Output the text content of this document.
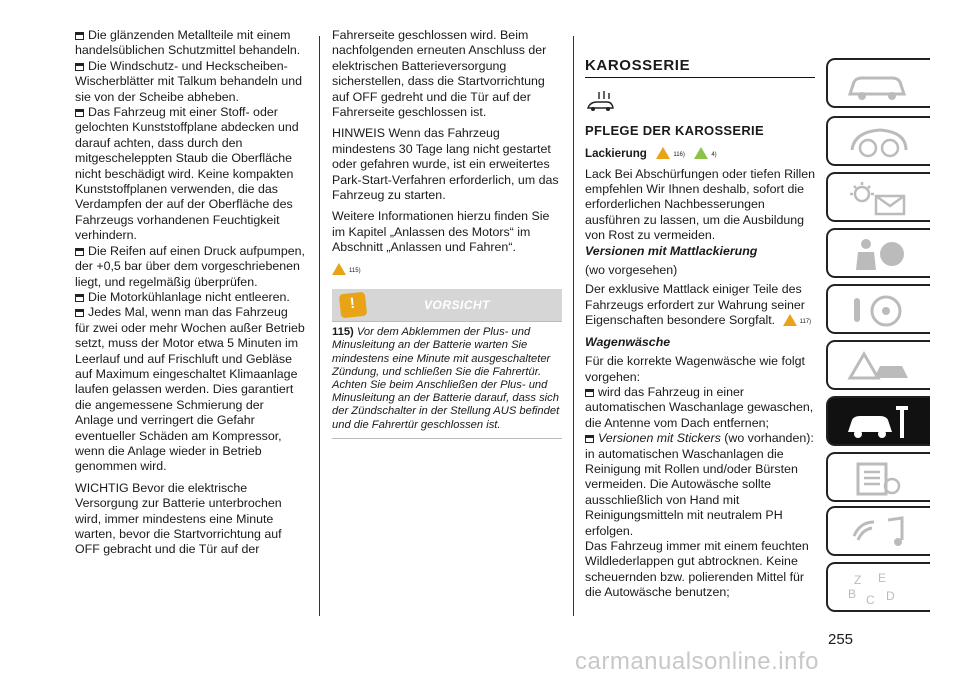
Die glänzenden Metallteile mit einem handelsüblichen Schutzmittel behandeln.
Die Windschutz- und Heckscheiben-Wischerblätter mit Talkum behandeln und sie von der Scheibe abheben.
Das Fahrzeug mit einer Stoff- oder gelochten Kunststoffplane abdecken und darauf achten, dass durch den mitgescheleppten Staub die Oberfläche nicht beschädigt wird. Keine kompakten Kunststoffplanen verwenden, die das Verdampfen der auf der Oberfläche des Fahrzeugs vorhandenen Feuchtigkeit verhindern.
Die Reifen auf einen Druck aufpumpen, der +0,5 bar über dem vorgeschriebenen liegt, und regelmäßig überprüfen.
Die Motorkühlanlage nicht entleeren.
Jedes Mal, wenn man das Fahrzeug für zwei oder mehr Wochen außer Betrieb setzt, muss der Motor etwa 5 Minuten im Leerlauf und auf Frischluft und Gebläse auf Maximum eingeschaltet Klimaanlage laufen gelassen werden. Dies garantiert die angemessene Schmierung der Anlage und verringert die Gefahr eventueller Schäden am Kompressor, wenn die Anlage wieder in Betrieb genommen wird.
WICHTIG Bevor die elektrische Versorgung zur Batterie unterbrochen wird, immer mindestens eine Minute warten, bevor die Startvorrichtung auf OFF gebracht und die Tür auf der
Fahrerseite geschlossen wird. Beim nachfolgenden erneuten Anschluss der elektrischen Batterieversorgung sicherstellen, dass die Startvorrichtung auf OFF gedreht und die Tür auf der Fahrerseite geschlossen ist.
HINWEIS Wenn das Fahrzeug mindestens 30 Tage lang nicht gestartet oder gefahren wurde, ist ein erweitertes Park-Start-Verfahren erforderlich, um das Fahrzeug zu starten.
Weitere Informationen hierzu finden Sie im Kapitel „Anlassen des Motors“ im Abschnitt „Anlassen und Fahren“.
115)
!	VORSICHT
115) Vor dem Abklemmen der Plus- und Minusleitung an der Batterie warten Sie mindestens eine Minute mit ausgeschalteter Zündung, und schließen Sie die Fahrertür. Achten Sie beim Anschließen der Plus- und Minusleitung an der Batterie darauf, dass sich der Zündschalter in der Stellung AUS befindet und die Fahrertür geschlossen ist.
KAROSSERIE
PFLEGE DER KAROSSERIE
Lackierung	116)	4)
Lack Bei Abschürfungen oder tiefen Rillen empfehlen Wir Ihnen deshalb, sofort die erforderlichen Nachbesserungen ausführen zu lassen, um die Ausbildung von Rost zu vermeiden.
Versionen mit Mattlackierung
(wo vorgesehen)
Der exklusive Mattlack einiger Teile des Fahrzeugs erfordert zur Wahrung seiner Eigenschaften besondere Sorgfalt.	117)
Wagenwäsche
Für die korrekte Wagenwäsche wie folgt vorgehen:
wird das Fahrzeug in einer automatischen Waschanlage gewaschen, die Antenne vom Dach entfernen;
Versionen mit Stickers (wo vorhanden): in automatischen Waschanlagen die Reinigung mit Rollen und/oder Bürsten vermeiden. Die Autowäsche sollte ausschließlich von Hand mit Reinigungsmitteln mit neutralem PH erfolgen.
Das Fahrzeug immer mit einem feuchten Wildlederlappen gut abtrocknen. Keine scheuernden bzw. polierenden Mittel für die Autowäsche benutzen;
Z E
B C D
255
carmanualsonline.info
